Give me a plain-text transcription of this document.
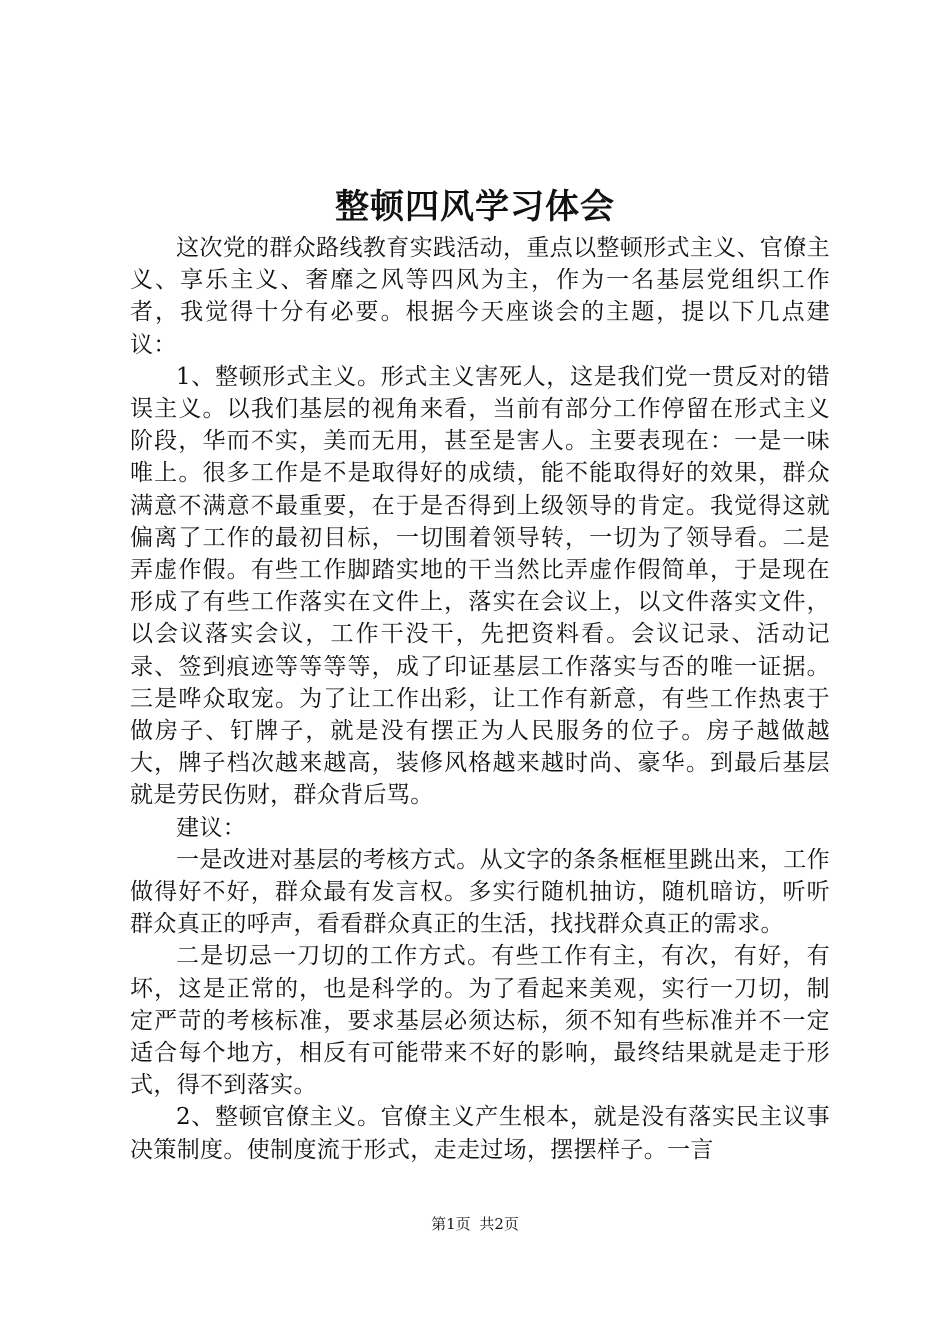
整顿四风学习体会

这次党的群众路线教育实践活动，重点以整顿形式主义、官僚主义、享乐主义、奢靡之风等四风为主，作为一名基层党组织工作者，我觉得十分有必要。根据今天座谈会的主题，提以下几点建议：

1、整顿形式主义。形式主义害死人，这是我们党一贯反对的错误主义。以我们基层的视角来看，当前有部分工作停留在形式主义阶段，华而不实，美而无用，甚至是害人。主要表现在：一是一味唯上。很多工作是不是取得好的成绩，能不能取得好的效果，群众满意不满意不最重要，在于是否得到上级领导的肯定。我觉得这就偏离了工作的最初目标，一切围着领导转，一切为了领导看。二是弄虚作假。有些工作脚踏实地的干当然比弄虚作假简单，于是现在形成了有些工作落实在文件上，落实在会议上，以文件落实文件，以会议落实会议，工作干没干，先把资料看。会议记录、活动记录、签到痕迹等等等等，成了印证基层工作落实与否的唯一证据。三是哗众取宠。为了让工作出彩，让工作有新意，有些工作热衷于做房子、钉牌子，就是没有摆正为人民服务的位子。房子越做越大，牌子档次越来越高，装修风格越来越时尚、豪华。到最后基层就是劳民伤财，群众背后骂。

建议：

一是改进对基层的考核方式。从文字的条条框框里跳出来，工作做得好不好，群众最有发言权。多实行随机抽访，随机暗访，听听群众真正的呼声，看看群众真正的生活，找找群众真正的需求。

二是切忌一刀切的工作方式。有些工作有主，有次，有好，有坏，这是正常的，也是科学的。为了看起来美观，实行一刀切，制定严苛的考核标准，要求基层必须达标，须不知有些标准并不一定适合每个地方，相反有可能带来不好的影响，最终结果就是走于形式，得不到落实。

2、整顿官僚主义。官僚主义产生根本，就是没有落实民主议事决策制度。使制度流于形式，走走过场，摆摆样子。一言

第1页 共2页
